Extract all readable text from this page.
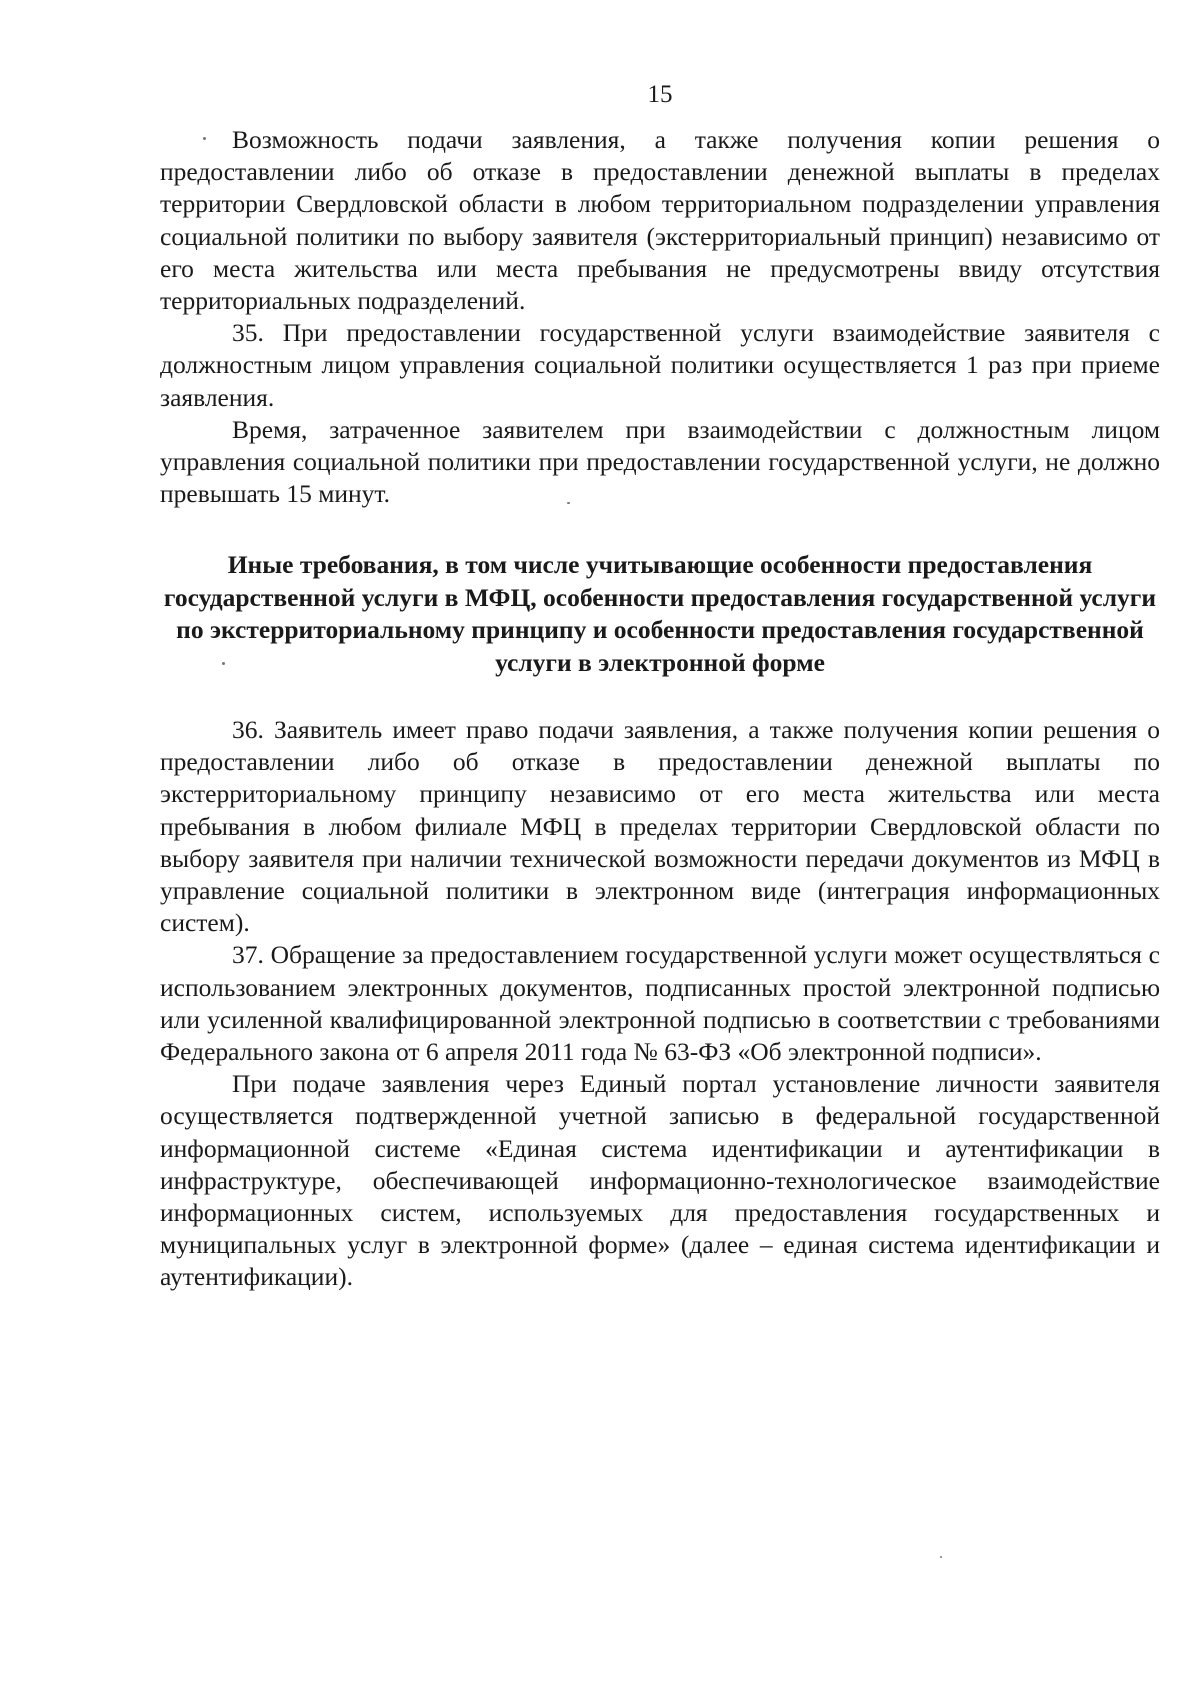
15

Возможность подачи заявления, а также получения копии решения о предоставлении либо об отказе в предоставлении денежной выплаты в пределах территории Свердловской области в любом территориальном подразделении управления социальной политики по выбору заявителя (экстерриториальный принцип) независимо от его места жительства или места пребывания не предусмотрены ввиду отсутствия территориальных подразделений.

35. При предоставлении государственной услуги взаимодействие заявителя с должностным лицом управления социальной политики осуществляется 1 раз при приеме заявления.

Время, затраченное заявителем при взаимодействии с должностным лицом управления социальной политики при предоставлении государственной услуги, не должно превышать 15 минут.

Иные требования, в том числе учитывающие особенности предоставления государственной услуги в МФЦ, особенности предоставления государственной услуги по экстерриториальному принципу и особенности предоставления государственной услуги в электронной форме

36. Заявитель имеет право подачи заявления, а также получения копии решения о предоставлении либо об отказе в предоставлении денежной выплаты по экстерриториальному принципу независимо от его места жительства или места пребывания в любом филиале МФЦ в пределах территории Свердловской области по выбору заявителя при наличии технической возможности передачи документов из МФЦ в управление социальной политики в электронном виде (интеграция информационных систем).

37. Обращение за предоставлением государственной услуги может осуществляться с использованием электронных документов, подписанных простой электронной подписью или усиленной квалифицированной электронной подписью в соответствии с требованиями Федерального закона от 6 апреля 2011 года № 63-ФЗ «Об электронной подписи».

При подаче заявления через Единый портал установление личности заявителя осуществляется подтвержденной учетной записью в федеральной государственной информационной системе «Единая система идентификации и аутентификации в инфраструктуре, обеспечивающей информационно-технологическое взаимодействие информационных систем, используемых для предоставления государственных и муниципальных услуг в электронной форме» (далее – единая система идентификации и аутентификации).
